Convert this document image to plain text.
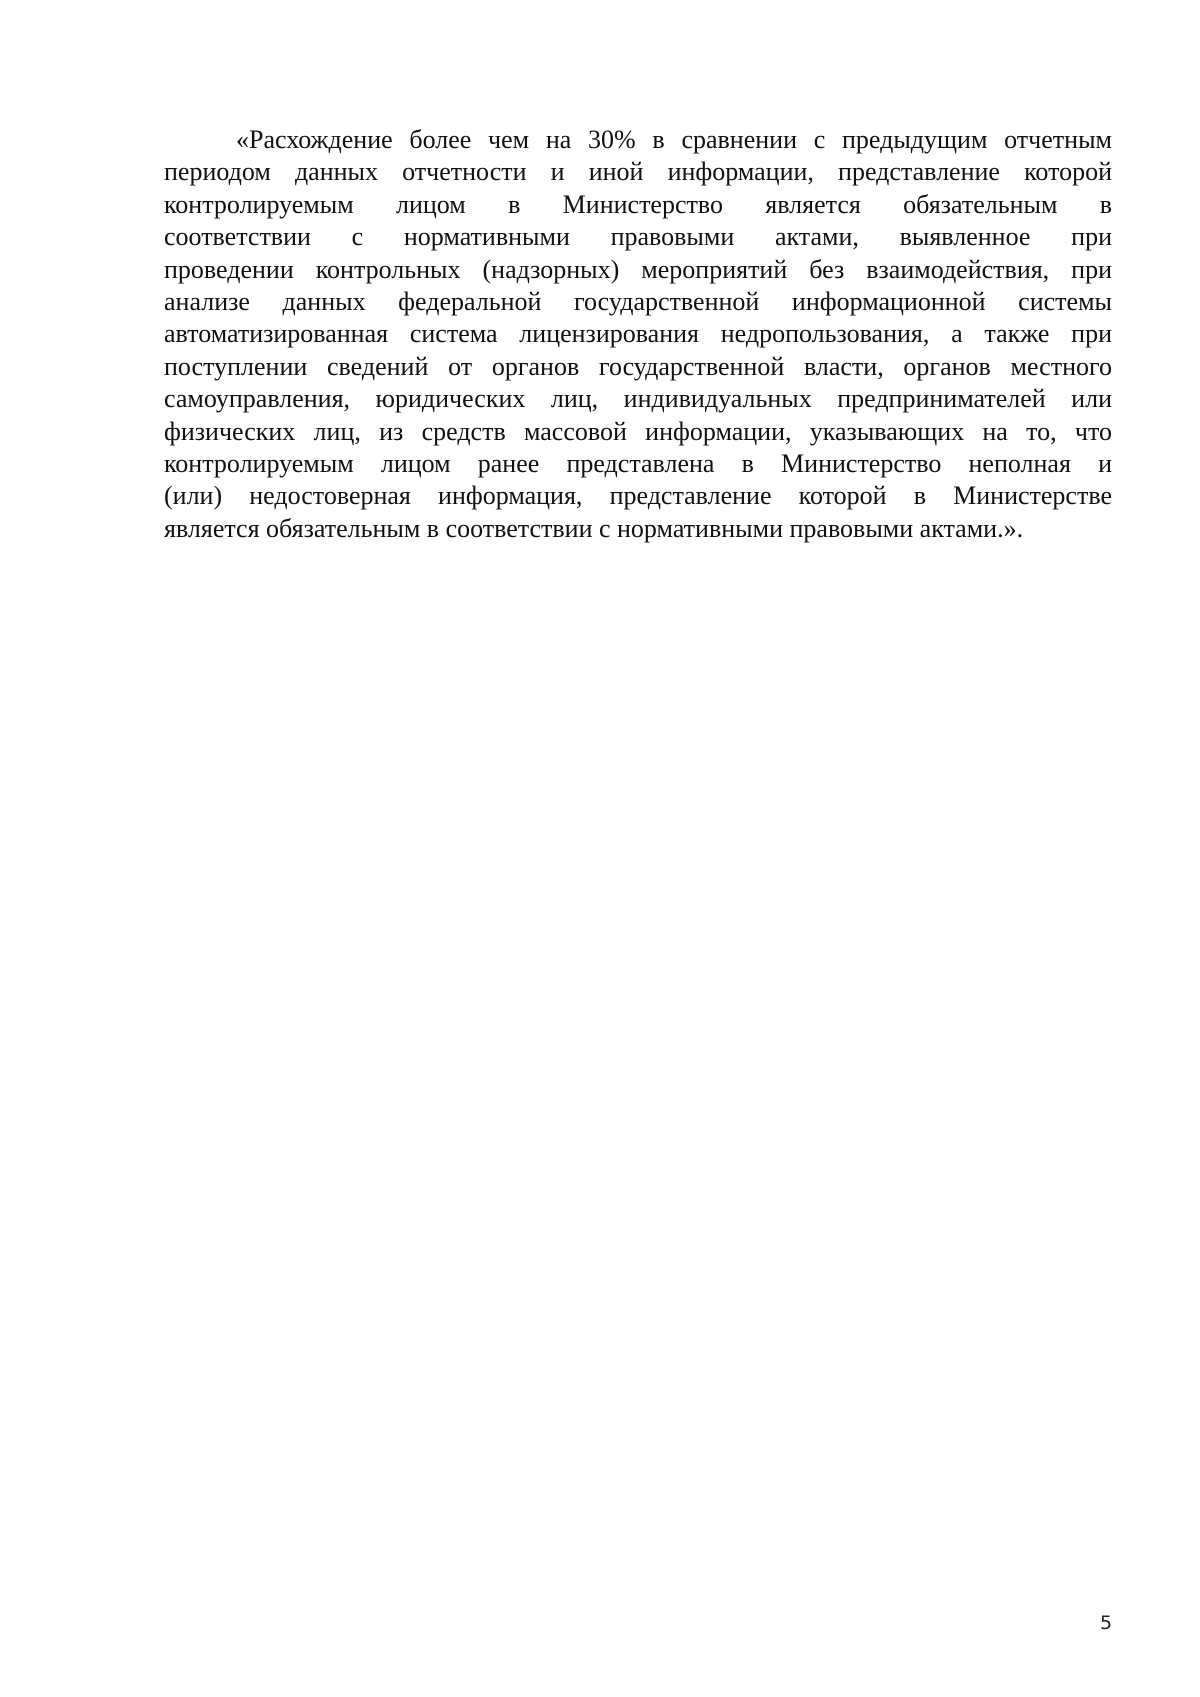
«Расхождение более чем на 30% в сравнении с предыдущим отчетным
периодом данных отчетности и иной информации, представление которой
контролируемым лицом в Министерство является обязательным в
соответствии с нормативными правовыми актами, выявленное при
проведении контрольных (надзорных) мероприятий без взаимодействия, при
анализе данных федеральной государственной информационной системы
автоматизированная система лицензирования недропользования, а также при
поступлении сведений от органов государственной власти, органов местного
самоуправления, юридических лиц, индивидуальных предпринимателей или
физических лиц, из средств массовой информации, указывающих на то, что
контролируемым лицом ранее представлена в Министерство неполная и
(или) недостоверная информация, представление которой в Министерстве
является обязательным в соответствии с нормативными правовыми актами.».

5
